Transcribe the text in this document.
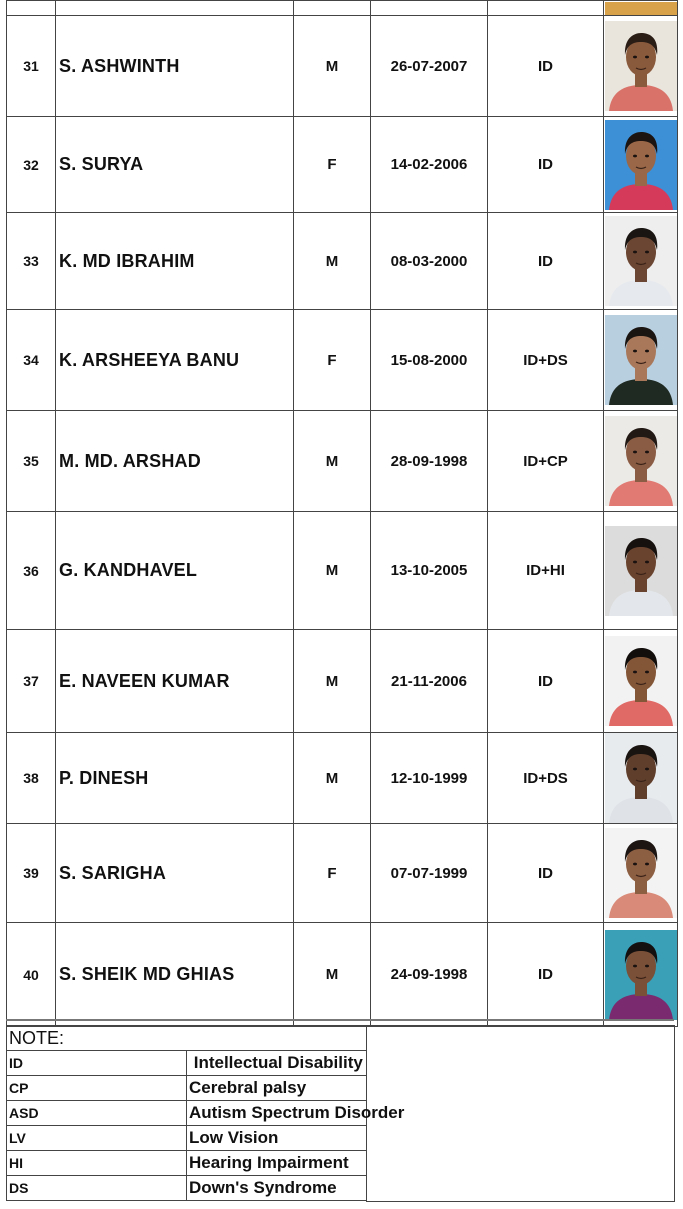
31	S. ASHWINTH	M	26-07-2007	ID	

32	S. SURYA	F	14-02-2006	ID	

33	K. MD IBRAHIM	M	08-03-2000	ID	

34	K. ARSHEEYA BANU	F	15-08-2000	ID+DS	

35	M. MD. ARSHAD	M	28-09-1998	ID+CP	

36	G. KANDHAVEL	M	13-10-2005	ID+HI	

37	E. NAVEEN KUMAR	M	21-11-2006	ID	

38	P. DINESH	M	12-10-1999	ID+DS	

39	S. SARIGHA	F	07-07-1999	ID	

40	S. SHEIK MD GHIAS	M	24-09-1998	ID	
NOTE:	
ID	Intellectual Disability
CP	Cerebral palsy
ASD	Autism Spectrum Disorder
LV	Low Vision
HI	Hearing Impairment
DS	Down's Syndrome
